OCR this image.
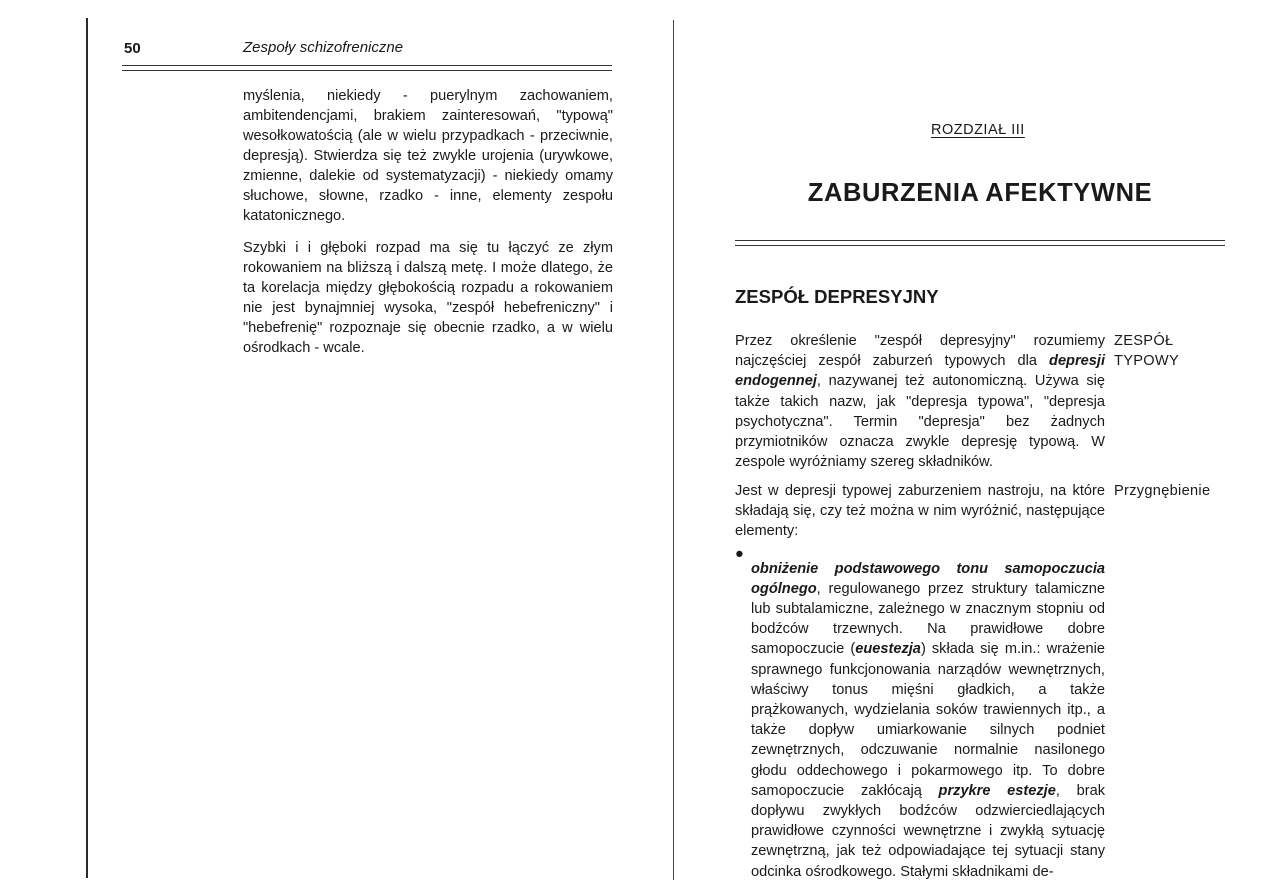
50	Zespoły schizofreniczne

myślenia, niekiedy - puerylnym zachowaniem, ambitendencjami, brakiem zainteresowań, "typową" wesołkowatością (ale w wielu przypadkach - przeciwnie, depresją). Stwierdza się też zwykle urojenia (urywkowe, zmienne, dalekie od systematyzacji) - niekiedy omamy słuchowe, słowne, rzadko - inne, elementy zespołu katatonicznego.

Szybki i i głęboki rozpad ma się tu łączyć ze złym rokowaniem na bliższą i dalszą metę. I może dlatego, że ta korelacja między głębokością rozpadu a rokowaniem nie jest bynajmniej wysoka, "zespół hebefreniczny" i "hebefrenię" rozpoznaje się obecnie rzadko, a w wielu ośrodkach - wcale.

ROZDZIAŁ III
ZABURZENIA AFEKTYWNE
ZESPÓŁ DEPRESYJNY

Przez określenie "zespół depresyjny" rozumiemy najczęściej zespół zaburzeń typowych dla depresji endogennej, nazywanej też autonomiczną. Używa się także takich nazw, jak "depresja typowa", "depresja psychotyczna". Termin "depresja" bez żadnych przymiotników oznacza zwykle depresję typową. W zespole wyróżniamy szereg składników.

ZESPÓŁ
TYPOWY

Jest w depresji typowej zaburzeniem nastroju, na które składają się, czy też można w nim wyróżnić, następujące elementy:

Przygnębienie
●

obniżenie podstawowego tonu samopoczucia ogólnego, regulowanego przez struktury talamiczne lub subtalamiczne, zależnego w znacznym stopniu od bodźców trzewnych. Na prawidłowe dobre samopoczucie (euestezja) składa się m.in.: wrażenie sprawnego funkcjonowania narządów wewnętrznych, właściwy tonus mięśni gładkich, a także prążkowanych, wydzielania soków trawiennych itp., a także dopływ umiarkowanie silnych podniet zewnętrznych, odczuwanie normalnie nasilonego głodu oddechowego i pokarmowego itp. To dobre samopoczucie zakłócają przykre estezje, brak dopływu zwykłych bodźców odzwierciedlających prawidłowe czynności wewnętrzne i zwykłą sytuację zewnętrzną, jak też odpowiadające tej sytuacji stany odcinka ośrodkowego. Stałymi składnikami de-
